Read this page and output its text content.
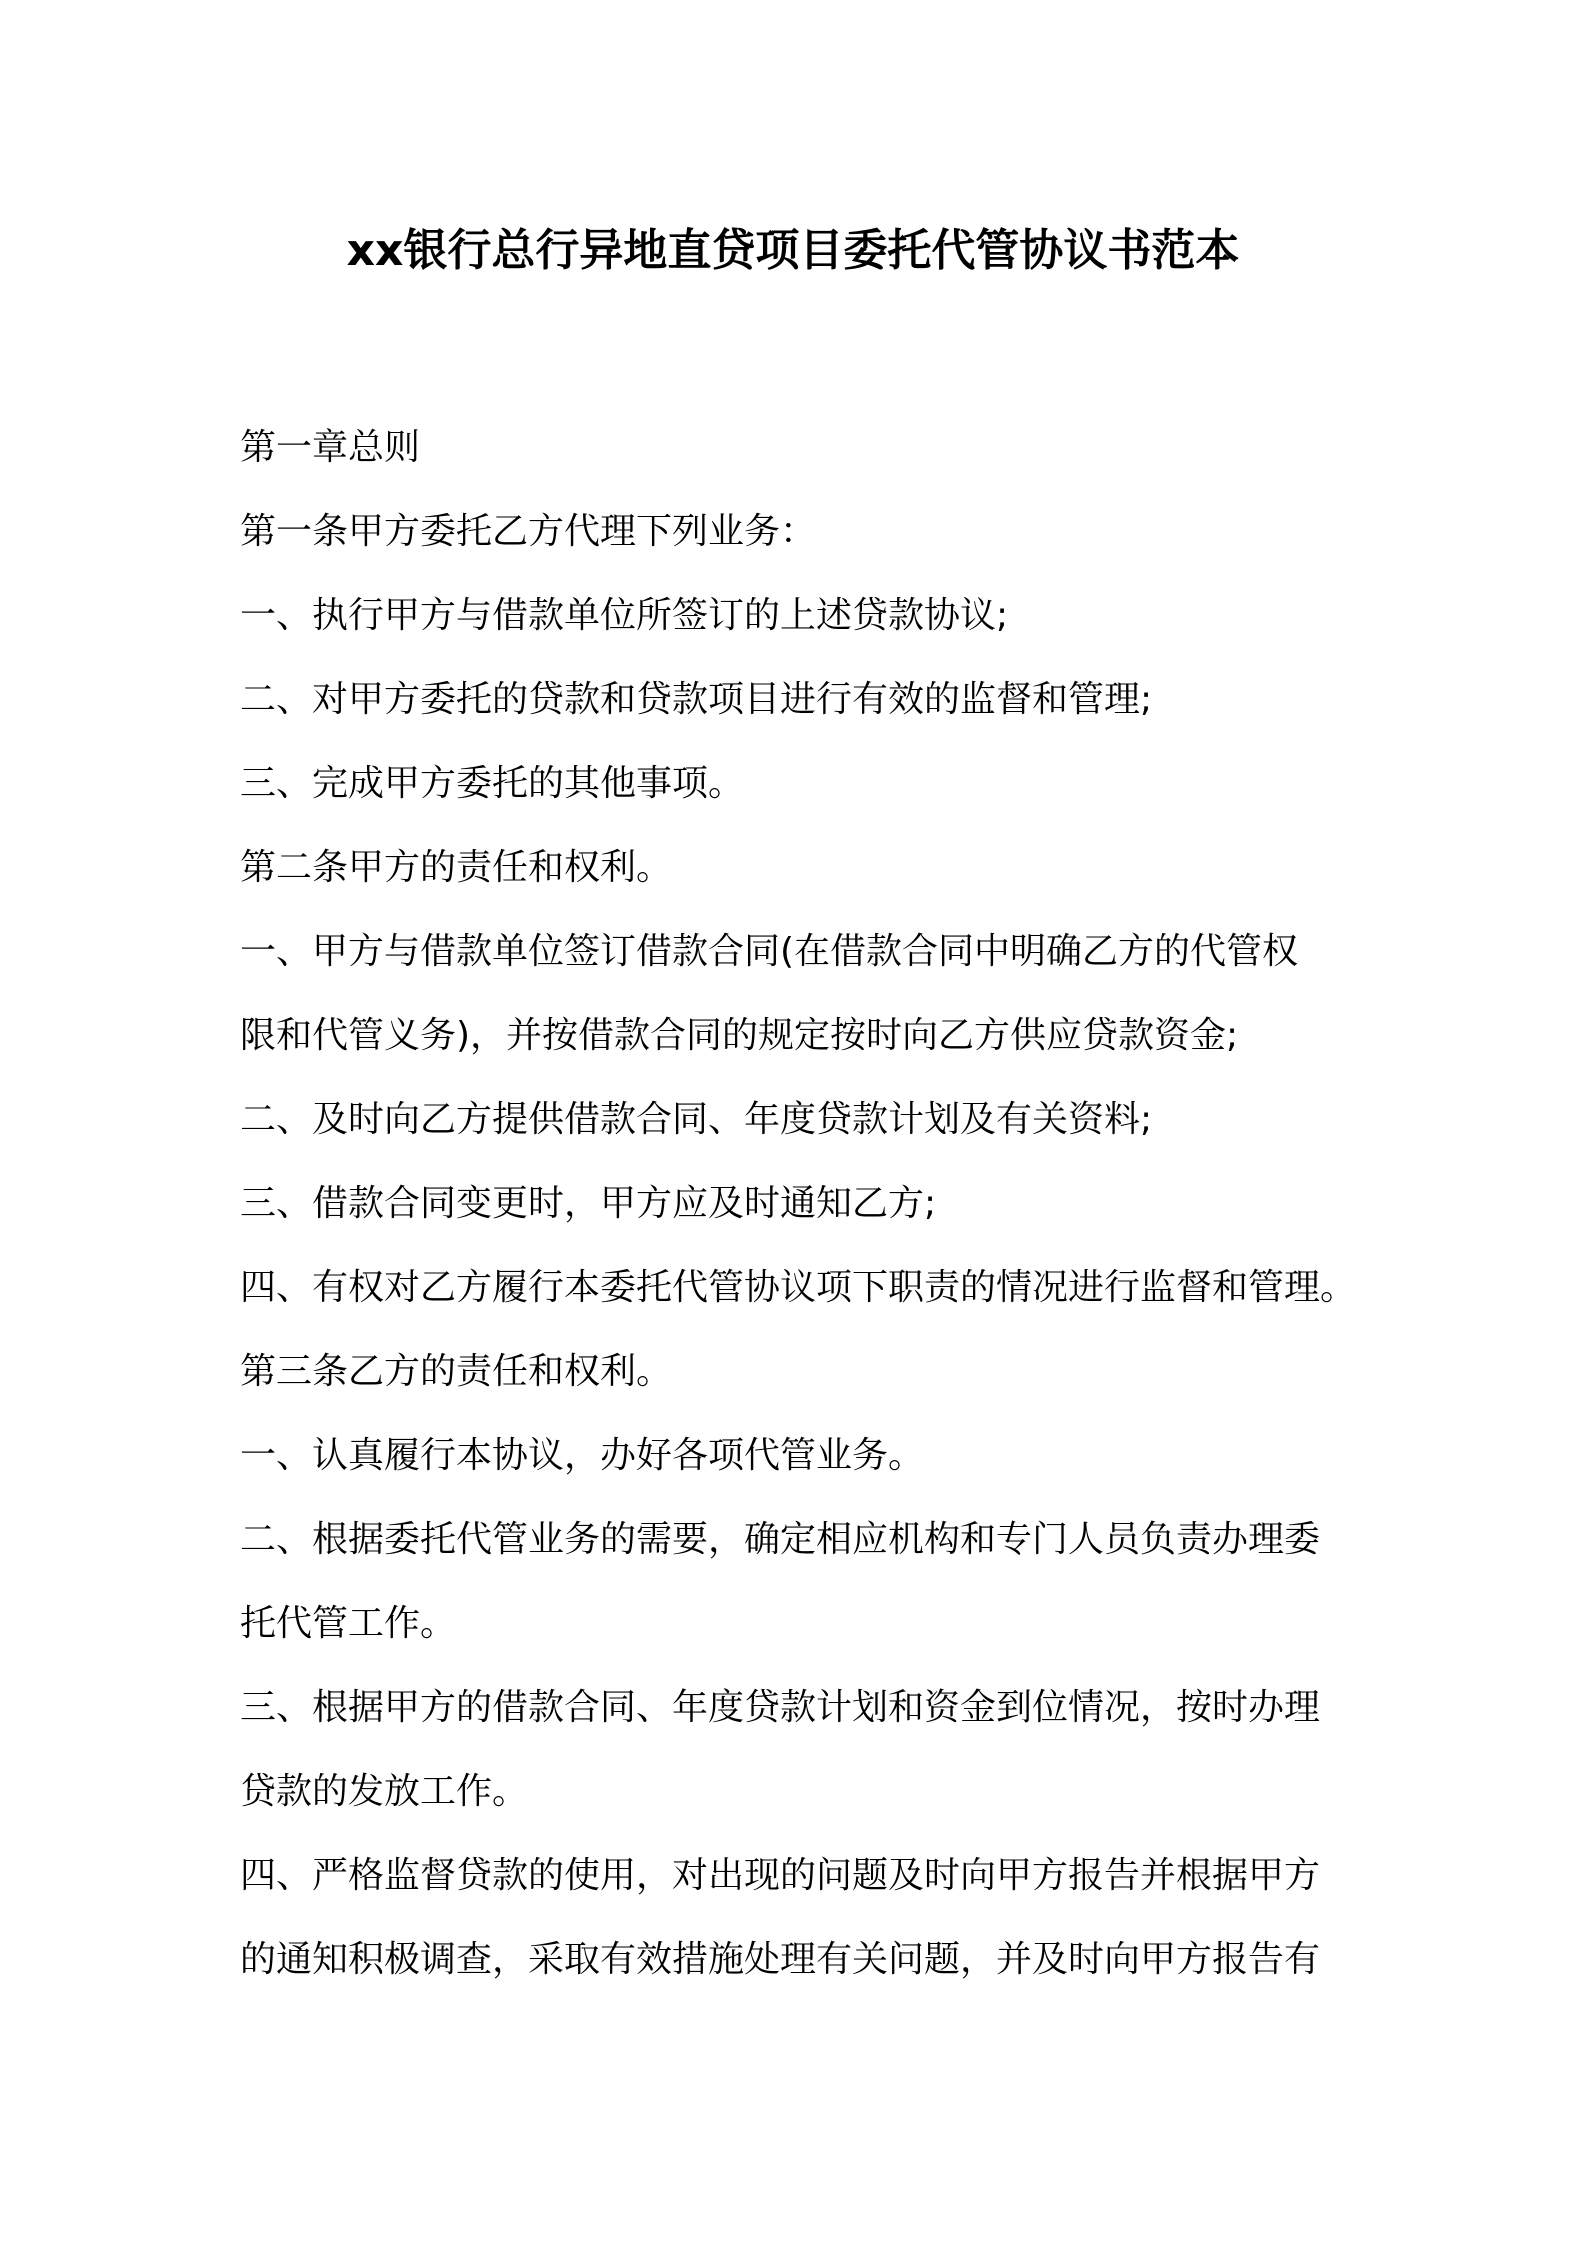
xx银行总行异地直贷项目委托代管协议书范本
第一章总则
第一条甲方委托乙方代理下列业务：
一、执行甲方与借款单位所签订的上述贷款协议;
二、对甲方委托的贷款和贷款项目进行有效的监督和管理;
三、完成甲方委托的其他事项。
第二条甲方的责任和权利。
一、甲方与借款单位签订借款合同(在借款合同中明确乙方的代管权
限和代管义务)，并按借款合同的规定按时向乙方供应贷款资金;
二、及时向乙方提供借款合同、年度贷款计划及有关资料;
三、借款合同变更时，甲方应及时通知乙方;
四、有权对乙方履行本委托代管协议项下职责的情况进行监督和管理。
第三条乙方的责任和权利。
一、认真履行本协议，办好各项代管业务。
二、根据委托代管业务的需要，确定相应机构和专门人员负责办理委
托代管工作。
三、根据甲方的借款合同、年度贷款计划和资金到位情况，按时办理
贷款的发放工作。
四、严格监督贷款的使用，对出现的问题及时向甲方报告并根据甲方
的通知积极调查，采取有效措施处理有关问题，并及时向甲方报告有
